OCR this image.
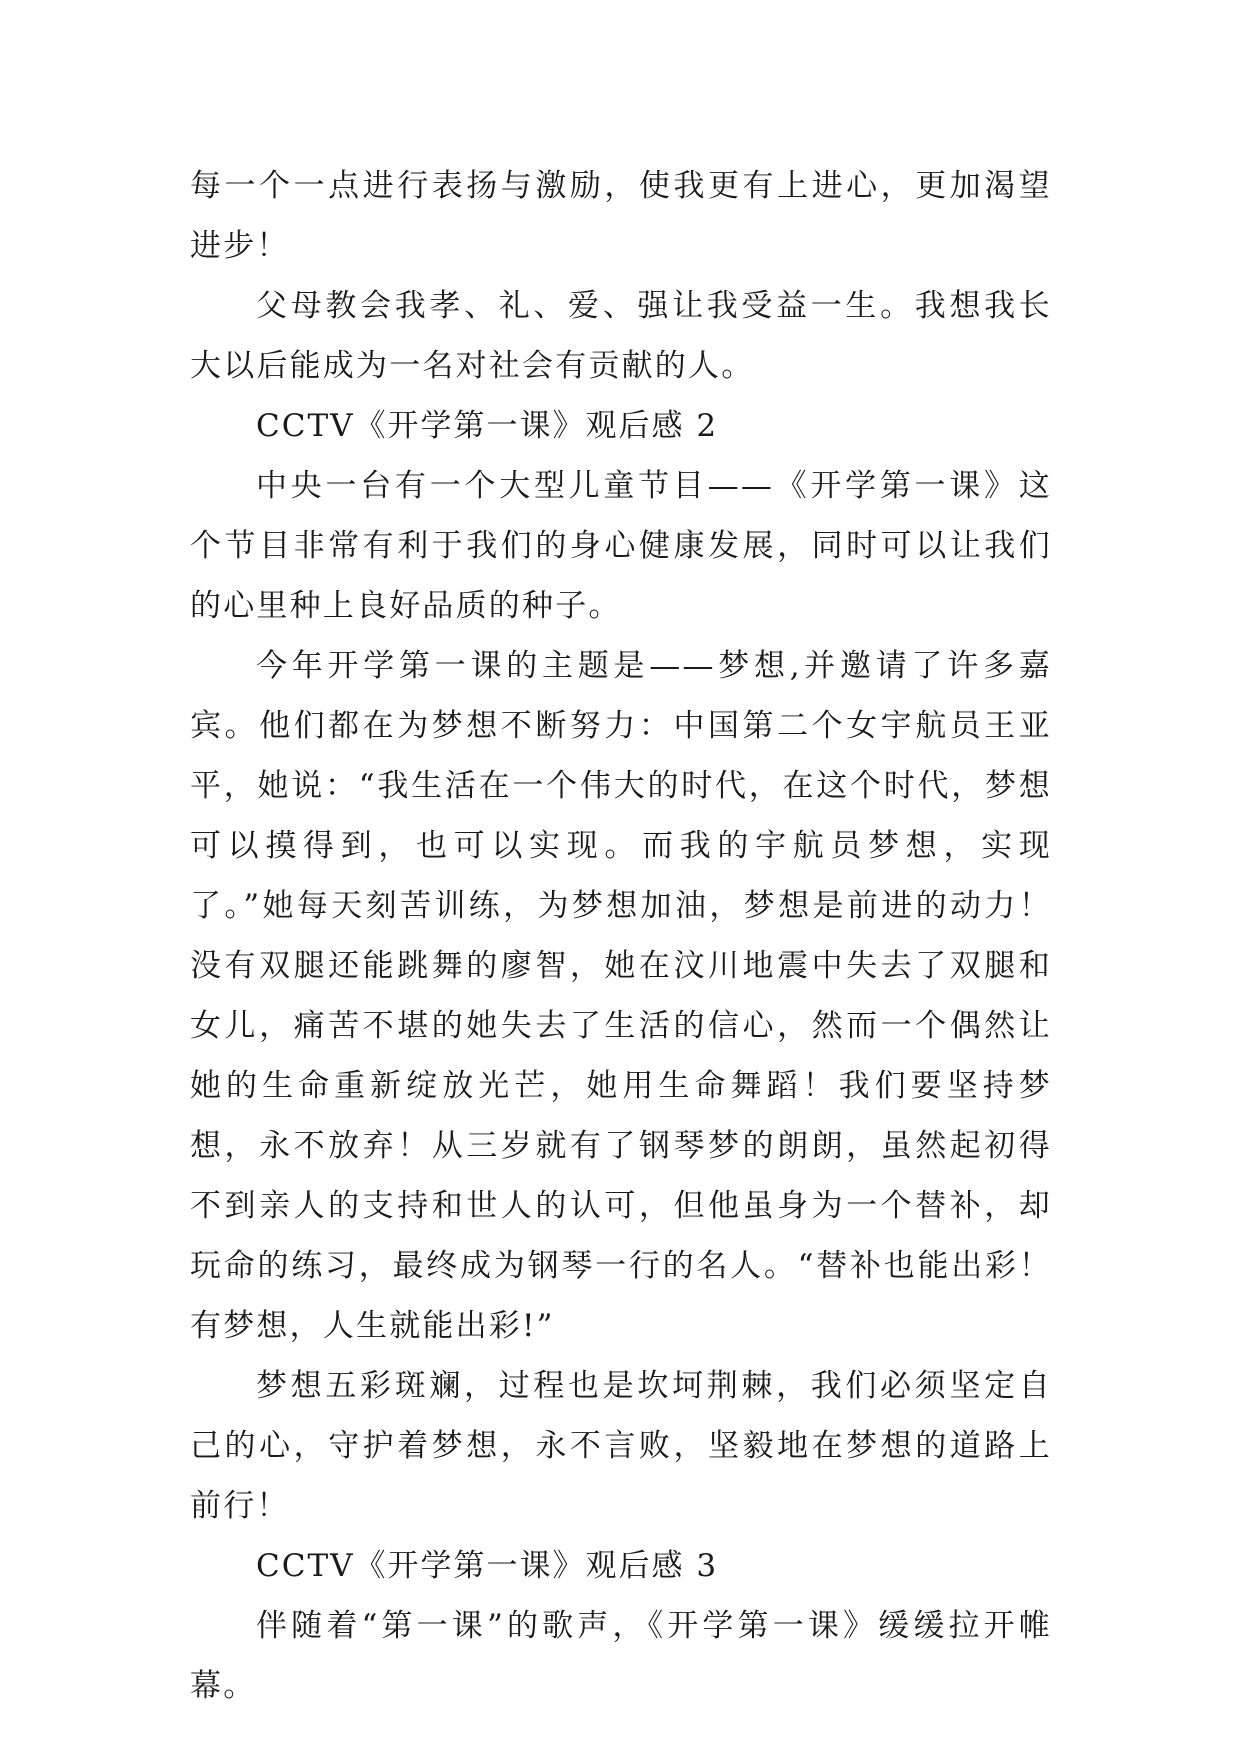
每一个一点进行表扬与激励，使我更有上进心，更加渴望进步！

父母教会我孝、礼、爱、强让我受益一生。我想我长大以后能成为一名对社会有贡献的人。

CCTV《开学第一课》观后感 2

中央一台有一个大型儿童节目——《开学第一课》这个节目非常有利于我们的身心健康发展，同时可以让我们的心里种上良好品质的种子。

今年开学第一课的主题是——梦想,并邀请了许多嘉宾。他们都在为梦想不断努力：中国第二个女宇航员王亚平，她说：“我生活在一个伟大的时代，在这个时代，梦想可以摸得到，也可以实现。而我的宇航员梦想，实现了。”她每天刻苦训练，为梦想加油，梦想是前进的动力！没有双腿还能跳舞的廖智，她在汶川地震中失去了双腿和女儿，痛苦不堪的她失去了生活的信心，然而一个偶然让她的生命重新绽放光芒，她用生命舞蹈！我们要坚持梦想，永不放弃！从三岁就有了钢琴梦的朗朗，虽然起初得不到亲人的支持和世人的认可，但他虽身为一个替补，却玩命的练习，最终成为钢琴一行的名人。“替补也能出彩！有梦想，人生就能出彩!”

梦想五彩斑斓，过程也是坎坷荆棘，我们必须坚定自己的心，守护着梦想，永不言败，坚毅地在梦想的道路上前行！

CCTV《开学第一课》观后感 3

伴随着“第一课”的歌声，《开学第一课》缓缓拉开帷幕。
